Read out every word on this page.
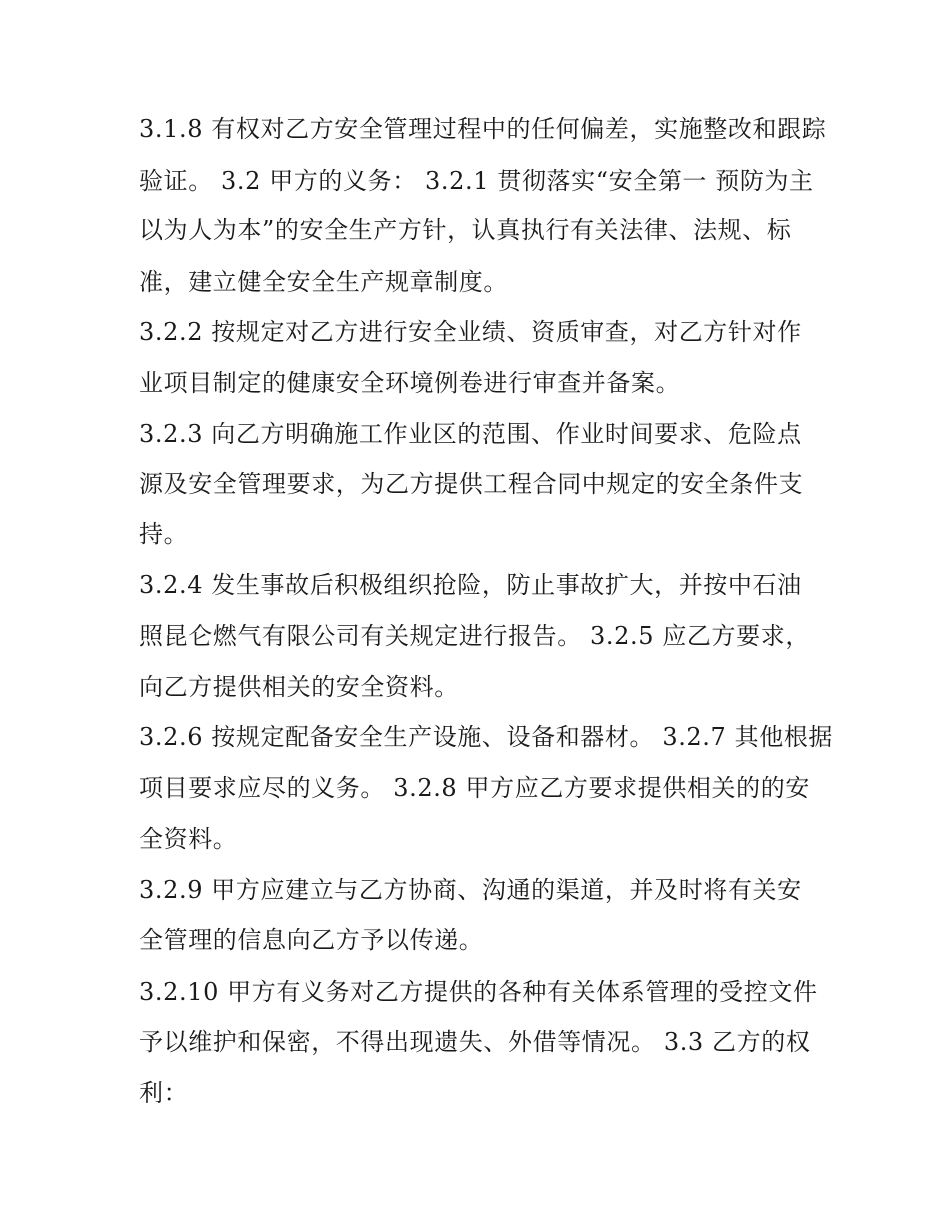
3.1.8 有权对乙方安全管理过程中的任何偏差，实施整改和跟踪
验证。 3.2 甲方的义务： 3.2.1 贯彻落实“安全第一 预防为主
以为人为本”的安全生产方针，认真执行有关法律、法规、标
准，建立健全安全生产规章制度。
3.2.2 按规定对乙方进行安全业绩、资质审查，对乙方针对作
业项目制定的健康安全环境例卷进行审查并备案。
3.2.3 向乙方明确施工作业区的范围、作业时间要求、危险点
源及安全管理要求，为乙方提供工程合同中规定的安全条件支
持。
3.2.4 发生事故后积极组织抢险，防止事故扩大，并按中石油
照昆仑燃气有限公司有关规定进行报告。 3.2.5 应乙方要求，
向乙方提供相关的安全资料。
3.2.6 按规定配备安全生产设施、设备和器材。 3.2.7 其他根据
项目要求应尽的义务。 3.2.8 甲方应乙方要求提供相关的的安
全资料。
3.2.9 甲方应建立与乙方协商、沟通的渠道，并及时将有关安
全管理的信息向乙方予以传递。
3.2.10 甲方有义务对乙方提供的各种有关体系管理的受控文件
予以维护和保密，不得出现遗失、外借等情况。 3.3 乙方的权
利：
